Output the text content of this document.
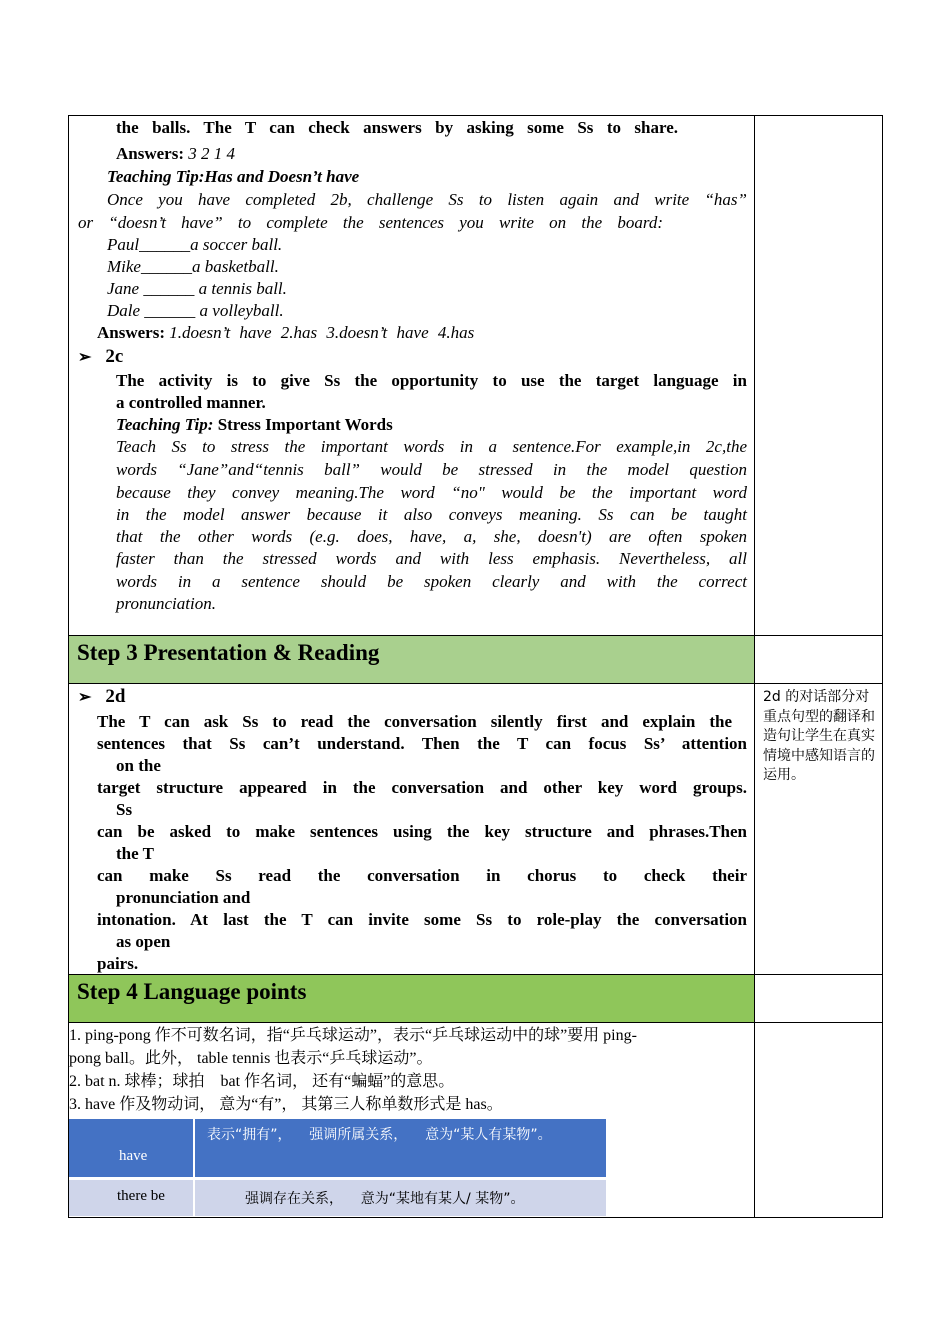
the balls. The T can check answers by asking some Ss to share.
Answers: 3 2 1 4
Teaching Tip:Has and Doesn’t have
Once you have completed 2b, challenge Ss to listen again and write “has”
or “doesn’t have” to complete the sentences you write on the board:
Paul______a soccer ball.
Mike______a basketball.
Jane ______ a tennis ball.
Dale ______ a volleyball.
Answers: 1.doesn’t have 2.has 3.doesn’t have 4.has
➢ 2c
The activity is to give Ss the opportunity to use the target language in
a controlled manner.
Teaching Tip: Stress Important Words
Teach Ss to stress the important words in a sentence.For example,in 2c,the
words “Jane”and“tennis ball” would be stressed in the model question
because they convey meaning.The word “no" would be the important word
in the model answer because it also conveys meaning. Ss can be taught
that the other words (e.g. does, have, a, she, doesn't) are often spoken
faster than the stressed words and with less emphasis. Nevertheless, all
words in a sentence should be spoken clearly and with the correct
pronunciation.
Step 3 Presentation & Reading
➢ 2d
The T can ask Ss to read the conversation silently first and explain the
sentences that Ss can’t understand. Then the T can focus Ss’ attention
on the
target structure appeared in the conversation and other key word groups.
Ss
can be asked to make sentences using the key structure and phrases.Then
the T
can make Ss read the conversation in chorus to check their
pronunciation and
intonation. At last the T can invite some Ss to role-play the conversation
as open
pairs.
2d 的对话部分对重点句型的翻译和造句让学生在真实情境中感知语言的运用。
Step 4 Language points
1. ping-pong 作不可数名词，指“乒乓球运动”，表示“乒乓球运动中的球”要用 ping-
pong ball。此外， table tennis 也表示“乒乓球运动”。
2. bat n. 球棒；球拍    bat 作名词， 还有“蝙蝠”的意思。
3. have 作及物动词， 意为“有”， 其第三人称单数形式是 has。
have	表示“拥有”，    强调所属关系，    意为“某人有某物”。

there be	强调存在关系，    意为“某地有某人/ 某物”。
